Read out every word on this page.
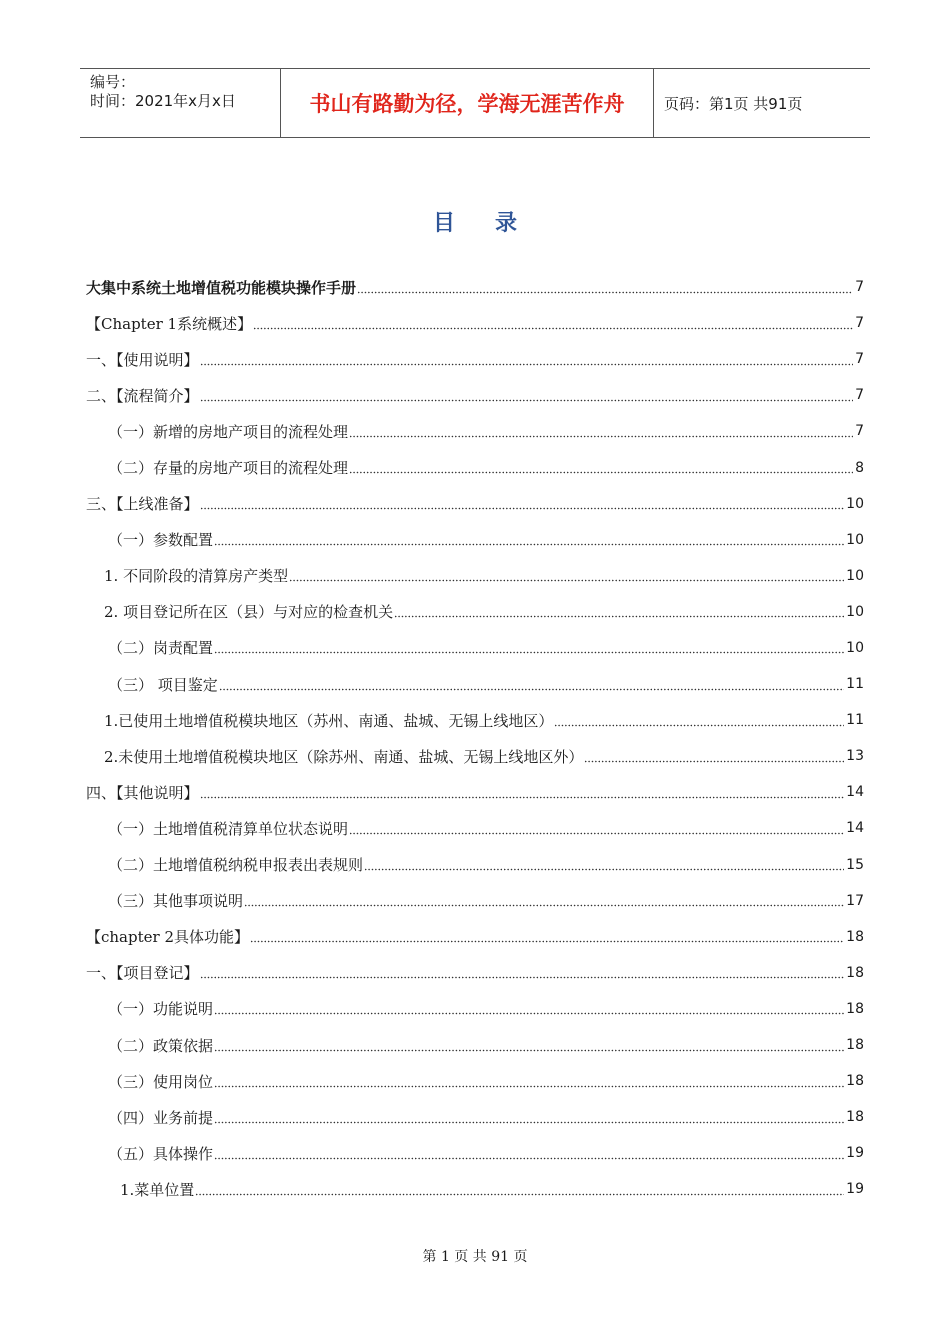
编号：
时间：2021年x月x日	书山有路勤为径，学海无涯苦作舟	页码：第1页 共91页
目录
大集中系统土地增值税功能模块操作手册	7
【Chapter 1系统概述】	7
一、【使用说明】	7
二、【流程简介】	7
（一）新增的房地产项目的流程处理	7
（二）存量的房地产项目的流程处理	8
三、【上线准备】	10
（一）参数配置	10
1. 不同阶段的清算房产类型	10
2. 项目登记所在区（县）与对应的检查机关	10
（二）岗责配置	10
（三） 项目鉴定	11
1.已使用土地增值税模块地区（苏州、南通、盐城、无锡上线地区）	11
2.未使用土地增值税模块地区（除苏州、南通、盐城、无锡上线地区外）	13
四、【其他说明】	14
（一）土地增值税清算单位状态说明	14
（二）土地增值税纳税申报表出表规则	15
（三）其他事项说明	17
【chapter 2具体功能】	18
一、【项目登记】	18
（一）功能说明	18
（二）政策依据	18
（三）使用岗位	18
（四）业务前提	18
（五）具体操作	19
1.菜单位置	19
第 1 页 共 91 页
